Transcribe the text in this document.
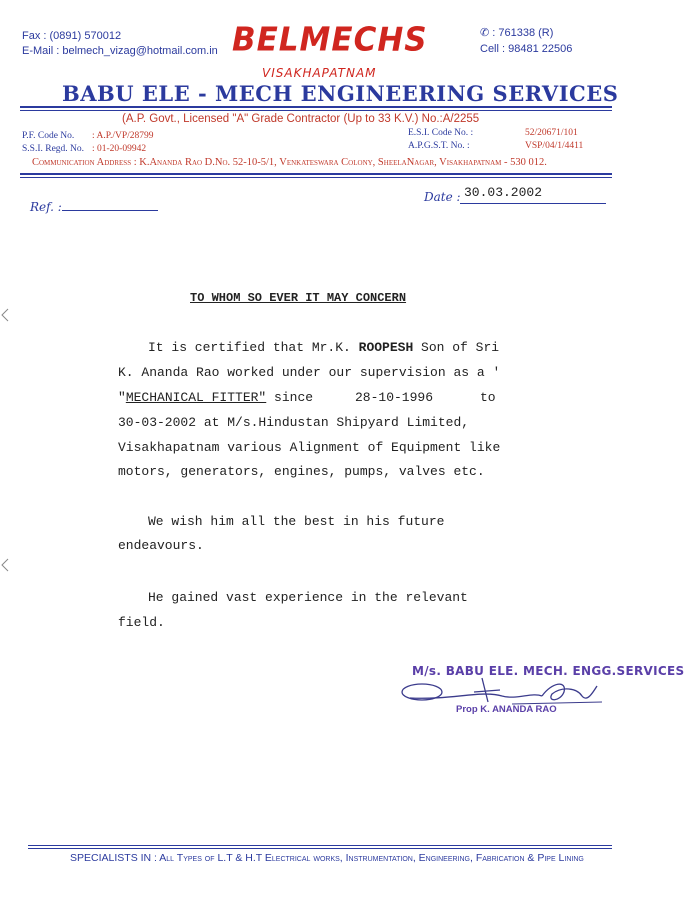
Fax : (0891) 570012
E-Mail : belmech_vizag@hotmail.com.in
✆ : 761338 (R)
Cell : 98481 22506
BELMECHS
VISAKHAPATNAM
BABU ELE - MECH ENGINEERING SERVICES
(A.P. Govt., Licensed "A" Grade Contractor (Up to 33 K.V.) No.:A/2255
P.F. Code No. : A.P./VP/28799
S.S.I. Regd. No. : 01-20-09942
E.S.I. Code No. :	52/20671/101
A.P.G.S.T. No. :	VSP/04/1/4411
Communication Address : K.Ananda Rao D.No. 52-10-5/1, Venkateswara Colony, SheelaNagar, Visakhapatnam - 530 012.
Ref. :
Date : 30.03.2002
TO WHOM SO EVER IT MAY CONCERN
It is certified that Mr.K. ROOPESH Son of Sri
K. Ananda Rao worked under our supervision as a '
"MECHANICAL FITTER" since	28-10-1996	to
30-03-2002 at M/s.Hindustan Shipyard Limited,
Visakhapatnam various Alignment of Equipment like
motors, generators, engines, pumps, valves etc.
We wish him all the best in his future
endeavours.
He gained vast experience in the relevant
field.
M/s. BABU ELE. MECH. ENGG.SERVICES
Prop K. ANANDA RAO
SPECIALISTS IN : All Types of L.T & H.T Electrical works, Instrumentation, Engineering, Fabrication & Pipe Lining
